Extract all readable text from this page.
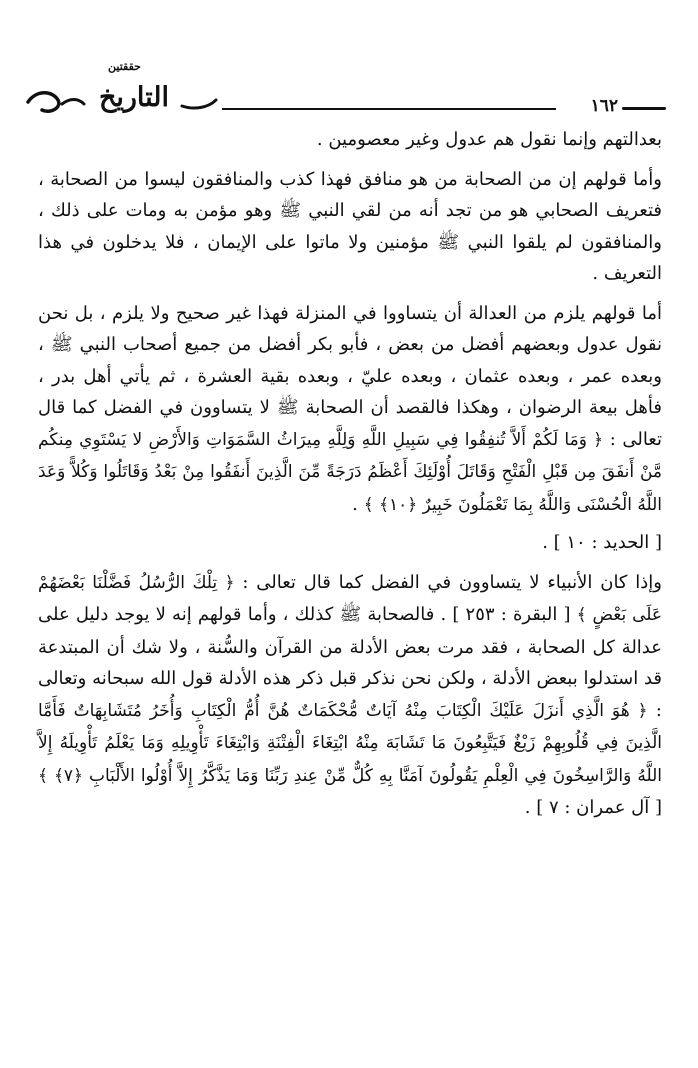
١٦٢
حققتين
التاريخ

بعدالتهم وإنما نقول هم عدول وغير معصومين .

وأما قولهم إن من الصحابة من هو منافق فهذا كذب والمنافقون ليسوا من الصحابة ، فتعريف الصحابي هو من تجد أنه من لقي النبي ﷺ وهو مؤمن به ومات على ذلك ، والمنافقون لم يلقوا النبي ﷺ مؤمنين ولا ماتوا على الإيمان ، فلا يدخلون في هذا التعريف .

أما قولهم يلزم من العدالة أن يتساووا في المنزلة فهذا غير صحيح ولا يلزم ، بل نحن نقول عدول وبعضهم أفضل من بعض ، فأبو بكر أفضل من جميع أصحاب النبي ﷺ ، وبعده عمر ، وبعده عثمان ، وبعده عليّ ، وبعده بقية العشرة ، ثم يأتي أهل بدر ، فأهل بيعة الرضوان ، وهكذا فالقصد أن الصحابة ﷺ لا يتساوون في الفضل كما قال تعالى : ﴿ وَمَا لَكُمْ أَلاَّ تُنفِقُوا فِي سَبِيلِ اللَّهِ وَلِلَّهِ مِيرَاثُ السَّمَوَاتِ وَالأَرْضِ لا يَسْتَوِي مِنكُم مَّنْ أَنفَقَ مِن قَبْلِ الْفَتْحِ وَقَاتَلَ أُوْلَئِكَ أَعْظَمُ دَرَجَةً مِّنَ الَّذِينَ أَنفَقُوا مِنْ بَعْدُ وَقَاتَلُوا وَكُلاًّ وَعَدَ اللَّهُ الْحُسْنَى وَاللَّهُ بِمَا تَعْمَلُونَ خَبِيرٌ ﴿١٠﴾ ﴾ .

[ الحديد : ١٠ ] .

وإذا كان الأنبياء لا يتساوون في الفضل كما قال تعالى : ﴿ تِلْكَ الرُّسُلُ فَضَّلْنَا بَعْضَهُمْ عَلَى بَعْضٍ ﴾ [ البقرة : ٢٥٣ ] . فالصحابة ﷺ كذلك ، وأما قولهم إنه لا يوجد دليل على عدالة كل الصحابة ، فقد مرت بعض الأدلة من القرآن والسُّنة ، ولا شك أن المبتدعة قد استدلوا ببعض الأدلة ، ولكن نحن نذكر قبل ذكر هذه الأدلة قول الله سبحانه وتعالى : ﴿ هُوَ الَّذِي أَنزَلَ عَلَيْكَ الْكِتَابَ مِنْهُ آيَاتٌ مُّحْكَمَاتٌ هُنَّ أُمُّ الْكِتَابِ وَأُخَرُ مُتَشَابِهَاتٌ فَأَمَّا الَّذِينَ فِي قُلُوبِهِمْ زَيْغٌ فَيَتَّبِعُونَ مَا تَشَابَهَ مِنْهُ ابْتِغَاءَ الْفِتْنَةِ وَابْتِغَاءَ تَأْوِيلِهِ وَمَا يَعْلَمُ تَأْوِيلَهُ إِلاَّ اللَّهُ وَالرَّاسِخُونَ فِي الْعِلْمِ يَقُولُونَ آمَنَّا بِهِ كُلٌّ مِّنْ عِندِ رَبِّنَا وَمَا يَذَّكَّرُ إِلاَّ أُوْلُوا الأَلْبَابِ ﴿٧﴾ ﴾ [ آل عمران : ٧ ] .
